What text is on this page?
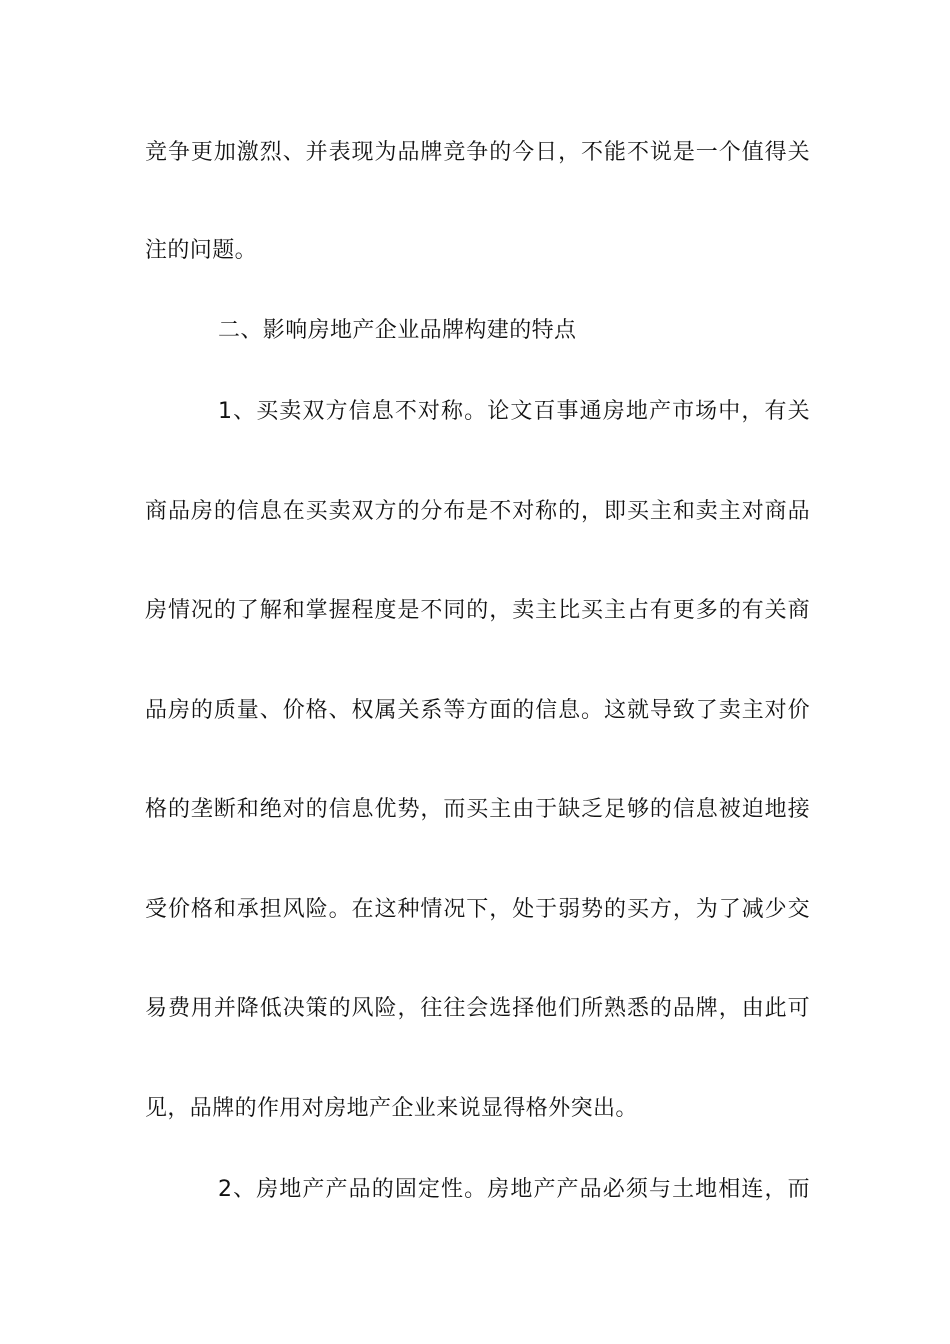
竞争更加激烈、并表现为品牌竞争的今日，不能不说是一个值得关
注的问题。
二、影响房地产企业品牌构建的特点
1、买卖双方信息不对称。论文百事通房地产市场中，有关
商品房的信息在买卖双方的分布是不对称的，即买主和卖主对商品
房情况的了解和掌握程度是不同的，卖主比买主占有更多的有关商
品房的质量、价格、权属关系等方面的信息。这就导致了卖主对价
格的垄断和绝对的信息优势，而买主由于缺乏足够的信息被迫地接
受价格和承担风险。在这种情况下，处于弱势的买方，为了减少交
易费用并降低决策的风险，往往会选择他们所熟悉的品牌，由此可
见，品牌的作用对房地产企业来说显得格外突出。
2、房地产产品的固定性。房地产产品必须与土地相连，而
